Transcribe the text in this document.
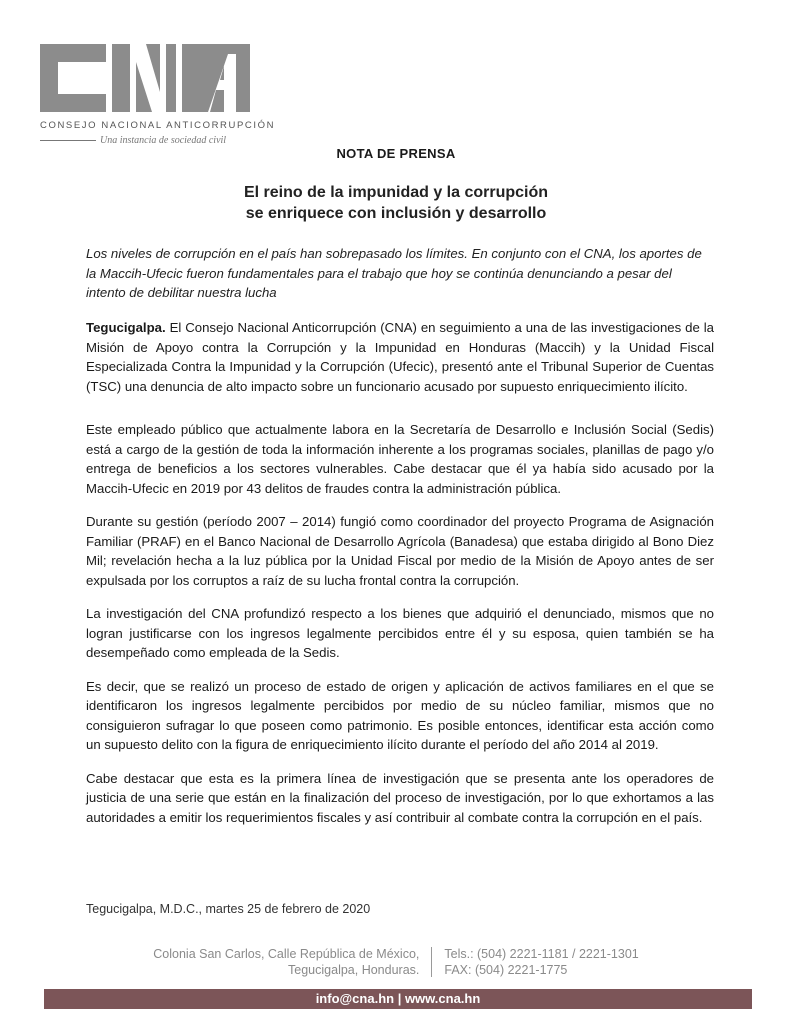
CONSEJO NACIONAL ANTICORRUPCIÓN
Una instancia de sociedad civil
NOTA DE PRENSA
El reino de la impunidad y la corrupción
se enriquece con inclusión y desarrollo
Los niveles de corrupción en el país han sobrepasado los límites. En conjunto con el CNA, los aportes de la Maccih-Ufecic fueron fundamentales para el trabajo que hoy se continúa denunciando a pesar del intento de debilitar nuestra lucha

Tegucigalpa. El Consejo Nacional Anticorrupción (CNA) en seguimiento a una de las investigaciones de la Misión de Apoyo contra la Corrupción y la Impunidad en Honduras (Maccih) y la Unidad Fiscal Especializada Contra la Impunidad y la Corrupción (Ufecic), presentó ante el Tribunal Superior de Cuentas (TSC) una denuncia de alto impacto sobre un funcionario acusado por supuesto enriquecimiento ilícito.

Este empleado público que actualmente labora en la Secretaría de Desarrollo e Inclusión Social (Sedis) está a cargo de la gestión de toda la información inherente a los programas sociales, planillas de pago y/o entrega de beneficios a los sectores vulnerables. Cabe destacar que él ya había sido acusado por la Maccih-Ufecic en 2019 por 43 delitos de fraudes contra la administración pública.

Durante su gestión (período 2007 – 2014) fungió como coordinador del proyecto Programa de Asignación Familiar (PRAF) en el Banco Nacional de Desarrollo Agrícola (Banadesa) que estaba dirigido al Bono Diez Mil; revelación hecha a la luz pública por la Unidad Fiscal por medio de la Misión de Apoyo antes de ser expulsada por los corruptos a raíz de su lucha frontal contra la corrupción.

La investigación del CNA profundizó respecto a los bienes que adquirió el denunciado, mismos que no logran justificarse con los ingresos legalmente percibidos entre él y su esposa, quien también se ha desempeñado como empleada de la Sedis.

Es decir, que se realizó un proceso de estado de origen y aplicación de activos familiares en el que se identificaron los ingresos legalmente percibidos por medio de su núcleo familiar, mismos que no consiguieron sufragar lo que poseen como patrimonio. Es posible entonces, identificar esta acción como un supuesto delito con la figura de enriquecimiento ilícito durante el período del año 2014 al 2019.

Cabe destacar que esta es la primera línea de investigación que se presenta ante los operadores de justicia de una serie que están en la finalización del proceso de investigación, por lo que exhortamos a las autoridades a emitir los requerimientos fiscales y así contribuir al combate contra la corrupción en el país.

Tegucigalpa, M.D.C., martes 25 de febrero de 2020
Colonia San Carlos, Calle República de México,
Tegucigalpa, Honduras.
Tels.: (504) 2221-1181 / 2221-1301
FAX: (504) 2221-1775
info@cna.hn | www.cna.hn
